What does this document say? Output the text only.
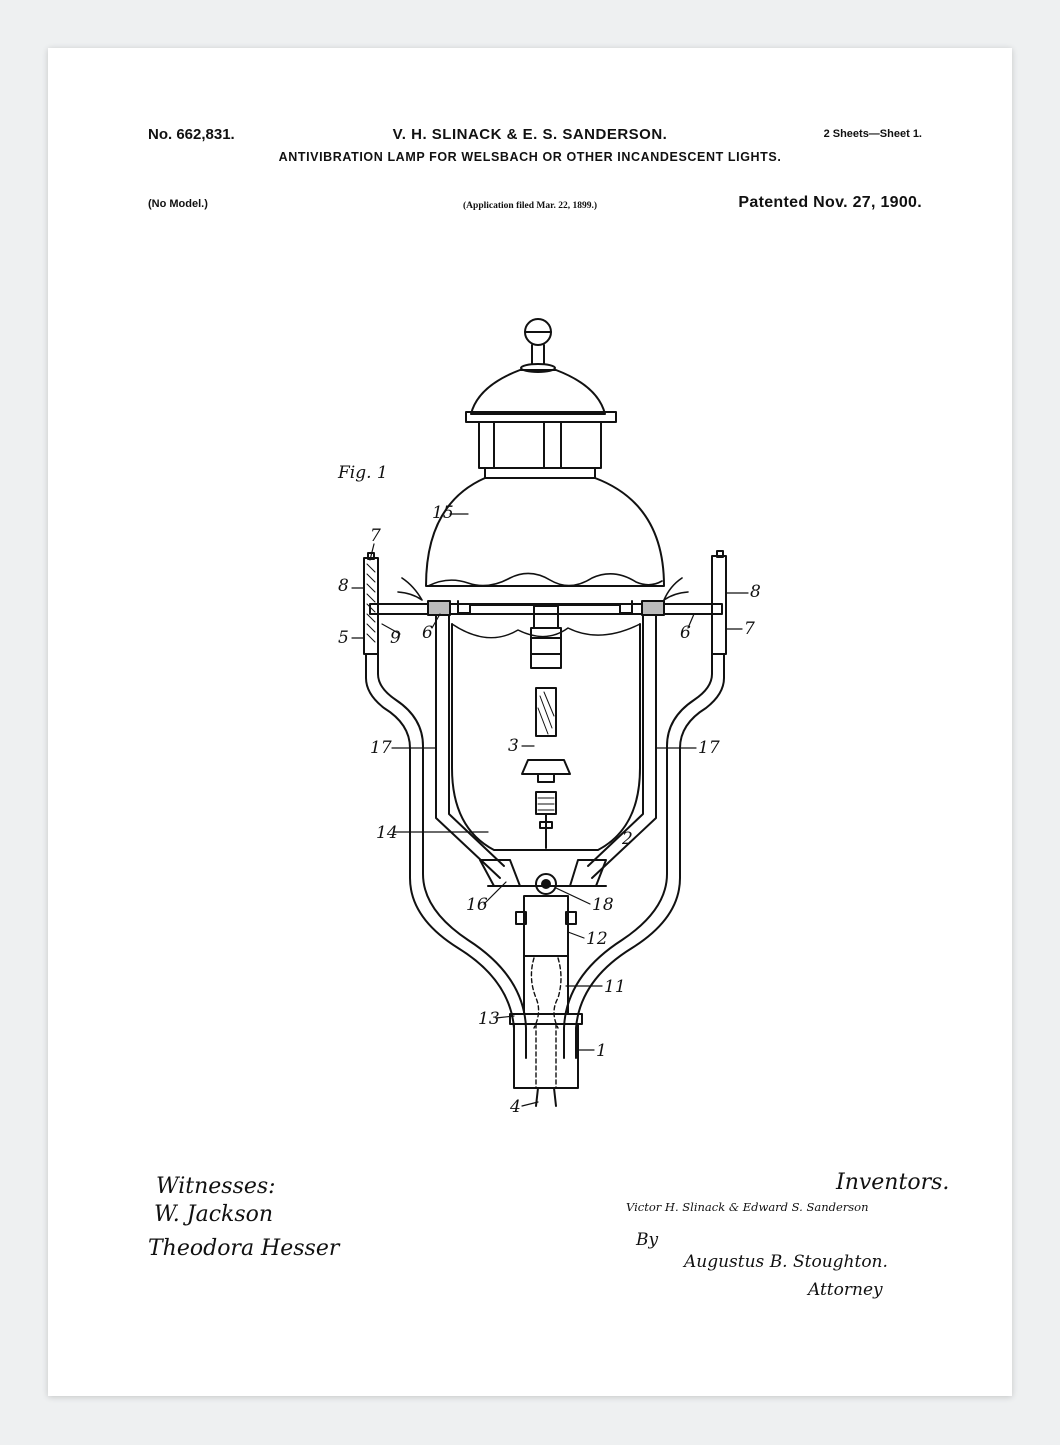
No. 662,831.	V. H. SLINACK & E. S. SANDERSON.	2 Sheets—Sheet 1.
ANTIVIBRATION LAMP FOR WELSBACH OR OTHER INCANDESCENT LIGHTS.
(No Model.)	(Application filed Mar. 22, 1899.)	Patented Nov. 27, 1900.
Fig. 1
7
8
5 9 6
15
6
8
7
17	3	17
14	2
16	18
12
11
13
1
4
Witnesses:
W. Jackson
Theodora Hesser
Inventors.
Victor H. Slinack & Edward S. Sanderson
By
Augustus B. Stoughton.
Attorney
